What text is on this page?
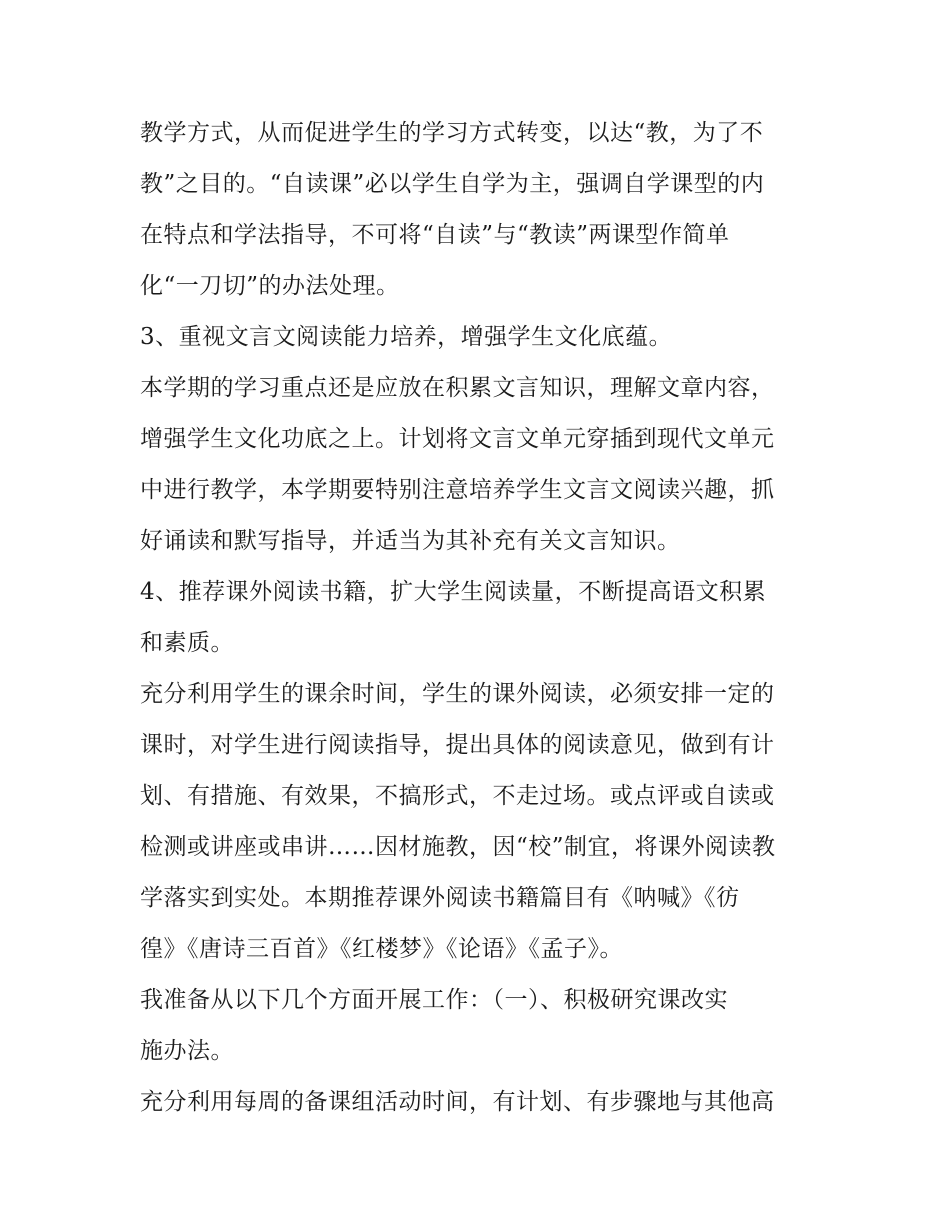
教学方式，从而促进学生的学习方式转变，以达“教，为了不
教”之目的。“自读课”必以学生自学为主，强调自学课型的内
在特点和学法指导，不可将“自读”与“教读”两课型作简单
化“一刀切”的办法处理。
3、重视文言文阅读能力培养，增强学生文化底蕴。
本学期的学习重点还是应放在积累文言知识，理解文章内容，
增强学生文化功底之上。计划将文言文单元穿插到现代文单元
中进行教学，本学期要特别注意培养学生文言文阅读兴趣，抓
好诵读和默写指导，并适当为其补充有关文言知识。
4、推荐课外阅读书籍，扩大学生阅读量，不断提高语文积累
和素质。
充分利用学生的课余时间，学生的课外阅读，必须安排一定的
课时，对学生进行阅读指导，提出具体的阅读意见，做到有计
划、有措施、有效果，不搞形式，不走过场。或点评或自读或
检测或讲座或串讲……因材施教，因“校”制宜，将课外阅读教
学落实到实处。本期推荐课外阅读书籍篇目有《呐喊》《彷
徨》《唐诗三百首》《红楼梦》《论语》《孟子》。
我准备从以下几个方面开展工作：（一）、积极研究课改实
施办法。
充分利用每周的备课组活动时间，有计划、有步骤地与其他高
